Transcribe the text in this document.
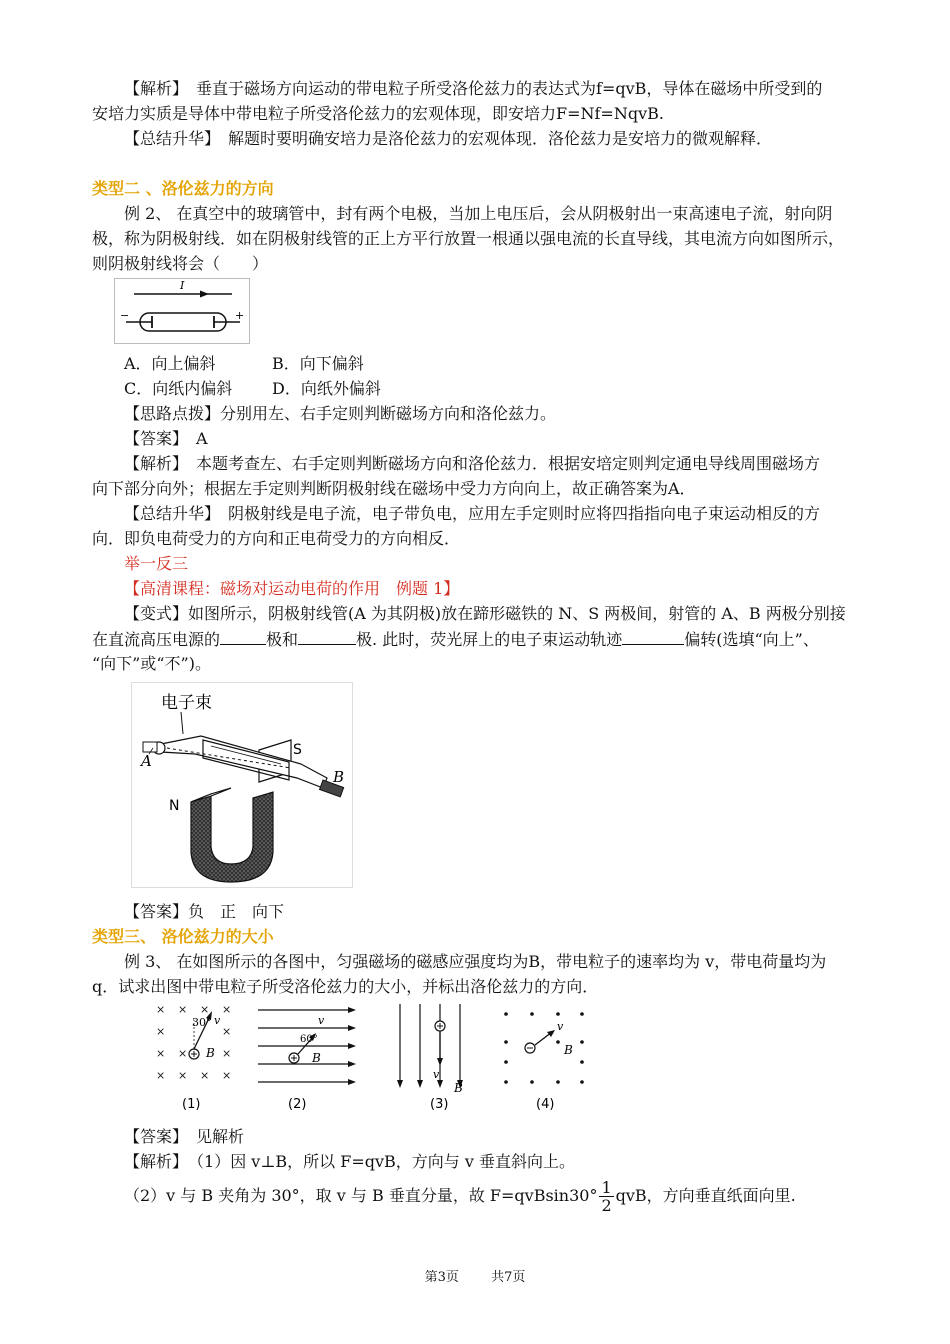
【解析】　 垂直于磁场方向运动的带电粒子所受洛伦兹力的表达式为f=qvB，导体在磁场中所受到的

安培力实质是导体中带电粒子所受洛伦兹力的宏观体现，即安培力F=Nf=NqvB.

【总结升华】　 解题时要明确安培力是洛伦兹力的宏观体现．洛伦兹力是安培力的微观解释．

类型二 、洛伦兹力的方向

例 2、 在真空中的玻璃管中，封有两个电极，当加上电压后，会从阴极射出一束高速电子流，射向阴

极，称为阴极射线．如在阴极射线管的正上方平行放置一根通以强电流的长直导线，其电流方向如图所示，

则阴极射线将会（　　）

I
−	+
A．向上偏斜	B．向下偏斜
C．向纸内偏斜 D．向纸外偏斜

【思路点拨】分别用左、右手定则判断磁场方向和洛伦兹力。

【答案】　 A

【解析】　 本题考查左、右手定则判断磁场方向和洛伦兹力．根据安培定则判定通电导线周围磁场方

向下部分向外；根据左手定则判断阴极射线在磁场中受力方向向上，故正确答案为A．

【总结升华】　 阴极射线是电子流，电子带负电，应用左手定则时应将四指指向电子束运动相反的方

向．即负电荷受力的方向和正电荷受力的方向相反．

举一反三

【高清课程：磁场对运动电荷的作用　例题 1】

【变式】如图所示，阴极射线管(A 为其阴极)放在蹄形磁铁的 N、S 两极间，射管的 A、B 两极分别接

在直流高压电源的	极和	极. 此时，荧光屏上的电子束运动轨迹	偏转(选填“向上”、

“向下”或“不”)。

电子束
S
N
A
B

【答案】负　正　向下

类型三、 洛伦兹力的大小

例 3、 在如图所示的各图中，匀强磁场的磁感应强度均为B，带电粒子的速率均为 v，带电荷量均为

q．试求出图中带电粒子所受洛伦兹力的大小，并标出洛伦兹力的方向．

× × × ×
×	×
× ×	×
× × × ×
30° v
B
(1)
60°
v
B
(2)
v
B
(3)
v
B
(4)

【答案】　 见解析

【解析】　 （1）因 v⊥B，所以 F=qvB，方向与 v 垂直斜向上。

（2）v 与 B 夹角为 30°，取 v 与 B 垂直分量，故 $F=qvBsin30^\circ \frac{1}{2}$ qvB，方向垂直纸面向里.

第3页 共7页
